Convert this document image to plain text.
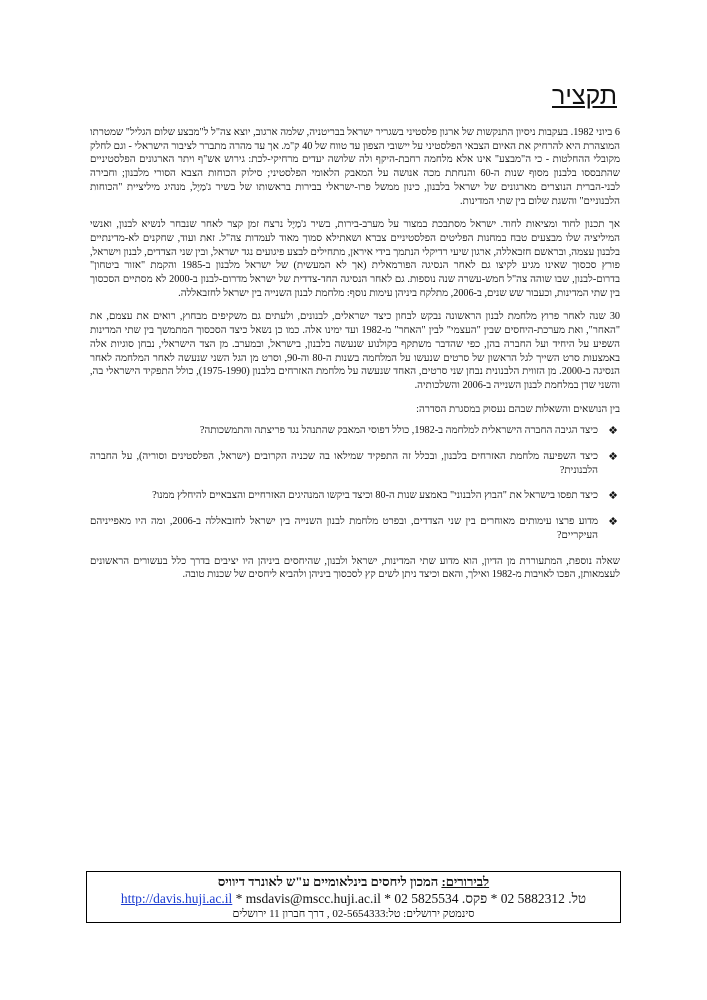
תקציר

6 ביוני 1982. בעקבות ניסיון התנקשות של ארגון פלסטיני בשגריר ישראל בבריטניה, שלמה ארגוב, יוצא צה"ל ל"מבצע שלום הגליל" שמטרתו המוצהרת היא להרחיק את האיום הצבאי הפלסטיני על יישובי הצפון עד טווח של 40 ק"מ. אך עד מהרה מתברר לציבור הישראלי - וגם לחלק מקובלי ההחלטות - כי ה"מבצע" אינו אלא מלחמה רחבת-היקף ולה שלושה יעדים מרחיקי-לכת: גירוש אש"ף ויתר הארגונים הפלסטיניים שהתבססו בלבנון מסוף שנות ה-60 והנחתת מכה אנושה על המאבק הלאומי הפלסטיני; סילוק הכוחות הצבא הסורי מלבנון; וחבירה לבני-הברית הנוצרים מארגונים של ישראל בלבנון, כינון ממשל פרו-ישראלי בבירות בראשותו של בשיר ג'מַיֶל, מנהיג מיליציית "הכוחות הלבנוניים" והשגת שלום בין שתי המדינות.

אך תכנון לחוד ומציאות לחוד. ישראל מסתבכת במצור על מערב-בירות, בשיר ג'מַיֶל נרצח זמן קצר לאחר שנבחר לנשיא לבנון, ואנשי המיליציה שלו מבצעים טבח במחנות הפליטים הפלסטיניים צברא ושאתילא סמוך מאוד לעמדות צה"ל. זאת ועוד, שחקנים לא-מדינתיים בלבנון עצמה, ובראשם חזבאללה, ארגון שיעי רדיקלי הנתמך בידי איראן, מתחילים לבצע פיגועים נגד ישראל, ובין שני הצדדים, לבנון וישראל, פורץ סכסוך שאינו מגיע לקיצו גם לאחר הנסיגה הפורמאלית (אך לא המעשית) של ישראל מלבנון ב-1985 והקמת "אזור ביטחון" בדרום-לבנון, שבו שוהה צה"ל חמש-עשרה שנה נוספות. גם לאחר הנסיגה החד-צדדית של ישראל מדרום-לבנון ב-2000 לא מסתיים הסכסוך בין שתי המדינות, וכעבור שש שנים, ב-2006, מתלקח ביניהן עימות נוסף: מלחמת לבנון השנייה בין ישראל לחזבאללה.

30 שנה לאחר פרוץ מלחמת לבנון הראשונה נבקש לבחון כיצד ישראלים, לבנונים, ולעתים גם משקיפים מבחוץ, רואים את עצמם, את "האחר", ואת מערכת-היחסים שבין "העצמי" לבין "האחר" מ-1982 ועד ימינו אלה. כמו כן נשאל כיצד הסכסוך המתמשך בין שתי המדינות השפיע על היחיד ועל החברה בהן, כפי שהדבר משתקף בקולנוע שנעשה בלבנון, בישראל, ובמערב. מן הצד הישראלי, נבחן סוגיות אלה באמצעות סרט השייך לגל הראשון של סרטים שנעשו על המלחמה בשנות ה-80 וה-90, וסרט מן הגל השני שנעשה לאחר המלחמה לאחר הנסיגה ב-2000. מן הזווית הלבנונית נבחן שני סרטים, האחד שנעשה על מלחמת האזרחים בלבנון (1975-1990), כולל התפקיד הישראלי בה, והשני שדן במלחמת לבנון השנייה ב-2006 והשלכותיה.

בין הנושאים והשאלות שבהם נעסוק במסגרת הסדרה:

❖
כיצד הגיבה החברה הישראלית למלחמה ב-1982, כולל דפוסי המאבק שהתנהל נגד פריצתה והתמשכותה?
❖
כיצד השפיעה מלחמת האזרחים בלבנון, ובכלל זה התפקיד שמילאו בה שכניה הקרובים (ישראל, הפלסטינים וסוריה), על החברה הלבנונית?
❖
כיצד תפסו בישראל את "הבוץ הלבנוני" באמצע שנות ה-80 וכיצד ביקשו המנהיגים האזרחיים והצבאיים להיחלץ ממנו?
❖
מדוע פרצו עימותים מאוחרים בין שני הצדדים, ובפרט מלחמת לבנון השנייה בין ישראל לחזבאללה ב-2006, ומה היו מאפייניהם העיקריים?

שאלה נוספת, המתעוררת מן הדיון, הוא מדוע שתי המדינות, ישראל ולבנון, שהיחסים ביניהן היו יציבים בדרך כלל בעשורים הראשונים לעצמאותן, הפכו לאויבות מ-1982 ואילך, והאם וכיצד ניתן לשים קץ לסכסוך ביניהן ולהביא ליחסים של שכנות טובה.

לבירורים: המכון ליחסים בינלאומיים ע"ש לאונרד דיוויס
טל. 02 5882312 * פקס. 02 5825534 * msdavis@mscc.huji.ac.il * http://davis.huji.ac.il
סינמטק ירושלים: טל:02-5654333 , דרך חברון 11 ירושלים
